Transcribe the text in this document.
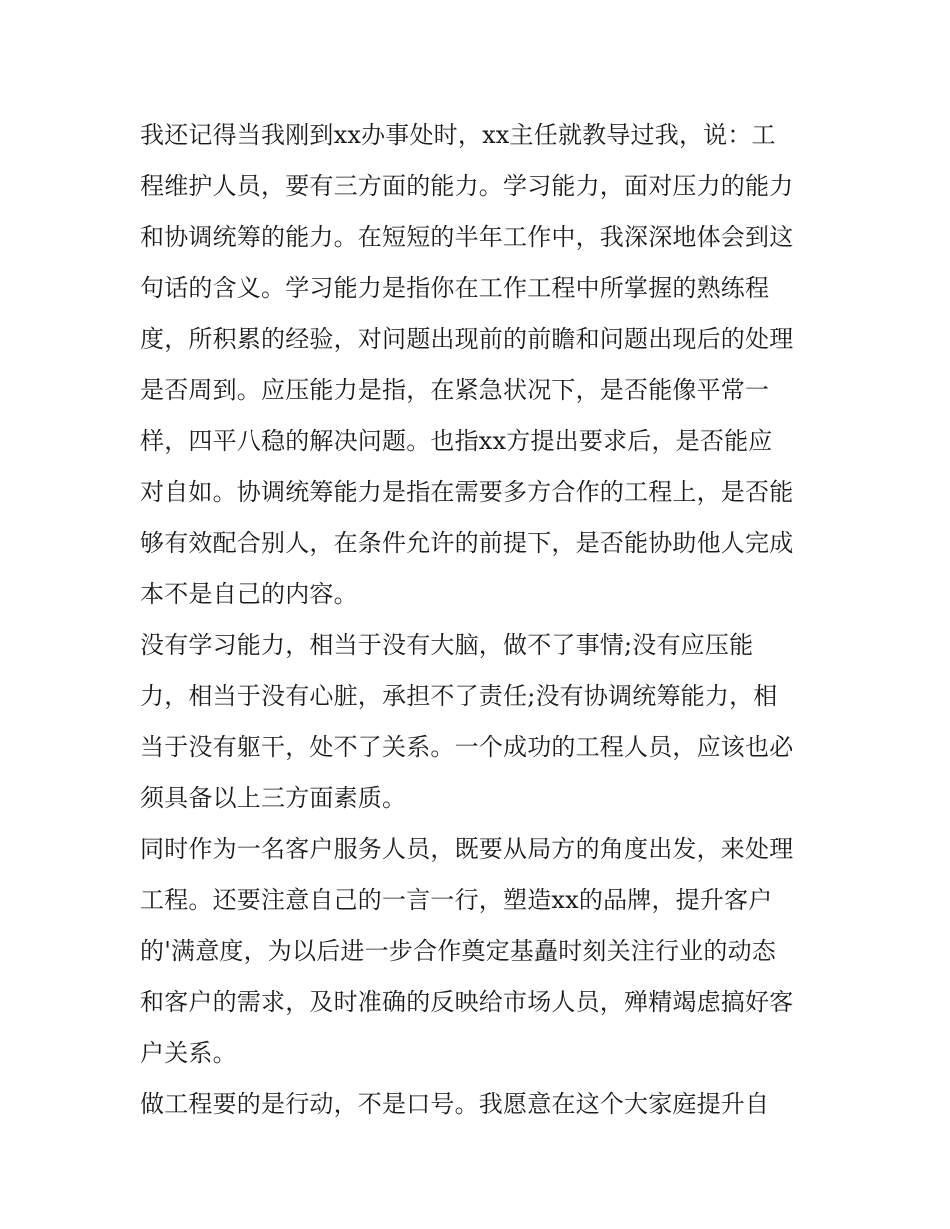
我还记得当我刚到xx办事处时，xx主任就教导过我，说：工
程维护人员，要有三方面的能力。学习能力，面对压力的能力
和协调统筹的能力。在短短的半年工作中，我深深地体会到这
句话的含义。学习能力是指你在工作工程中所掌握的熟练程
度，所积累的经验，对问题出现前的前瞻和问题出现后的处理
是否周到。应压能力是指，在紧急状况下，是否能像平常一
样，四平八稳的解决问题。也指xx方提出要求后，是否能应
对自如。协调统筹能力是指在需要多方合作的工程上，是否能
够有效配合别人，在条件允许的前提下，是否能协助他人完成
本不是自己的内容。
没有学习能力，相当于没有大脑，做不了事情;没有应压能
力，相当于没有心脏，承担不了责任;没有协调统筹能力，相
当于没有躯干，处不了关系。一个成功的工程人员，应该也必
须具备以上三方面素质。
同时作为一名客户服务人员，既要从局方的角度出发，来处理
工程。还要注意自己的一言一行，塑造xx的品牌，提升客户
的'满意度，为以后进一步合作奠定基矗时刻关注行业的动态
和客户的需求，及时准确的反映给市场人员，殚精竭虑搞好客
户关系。
做工程要的是行动，不是口号。我愿意在这个大家庭提升自
